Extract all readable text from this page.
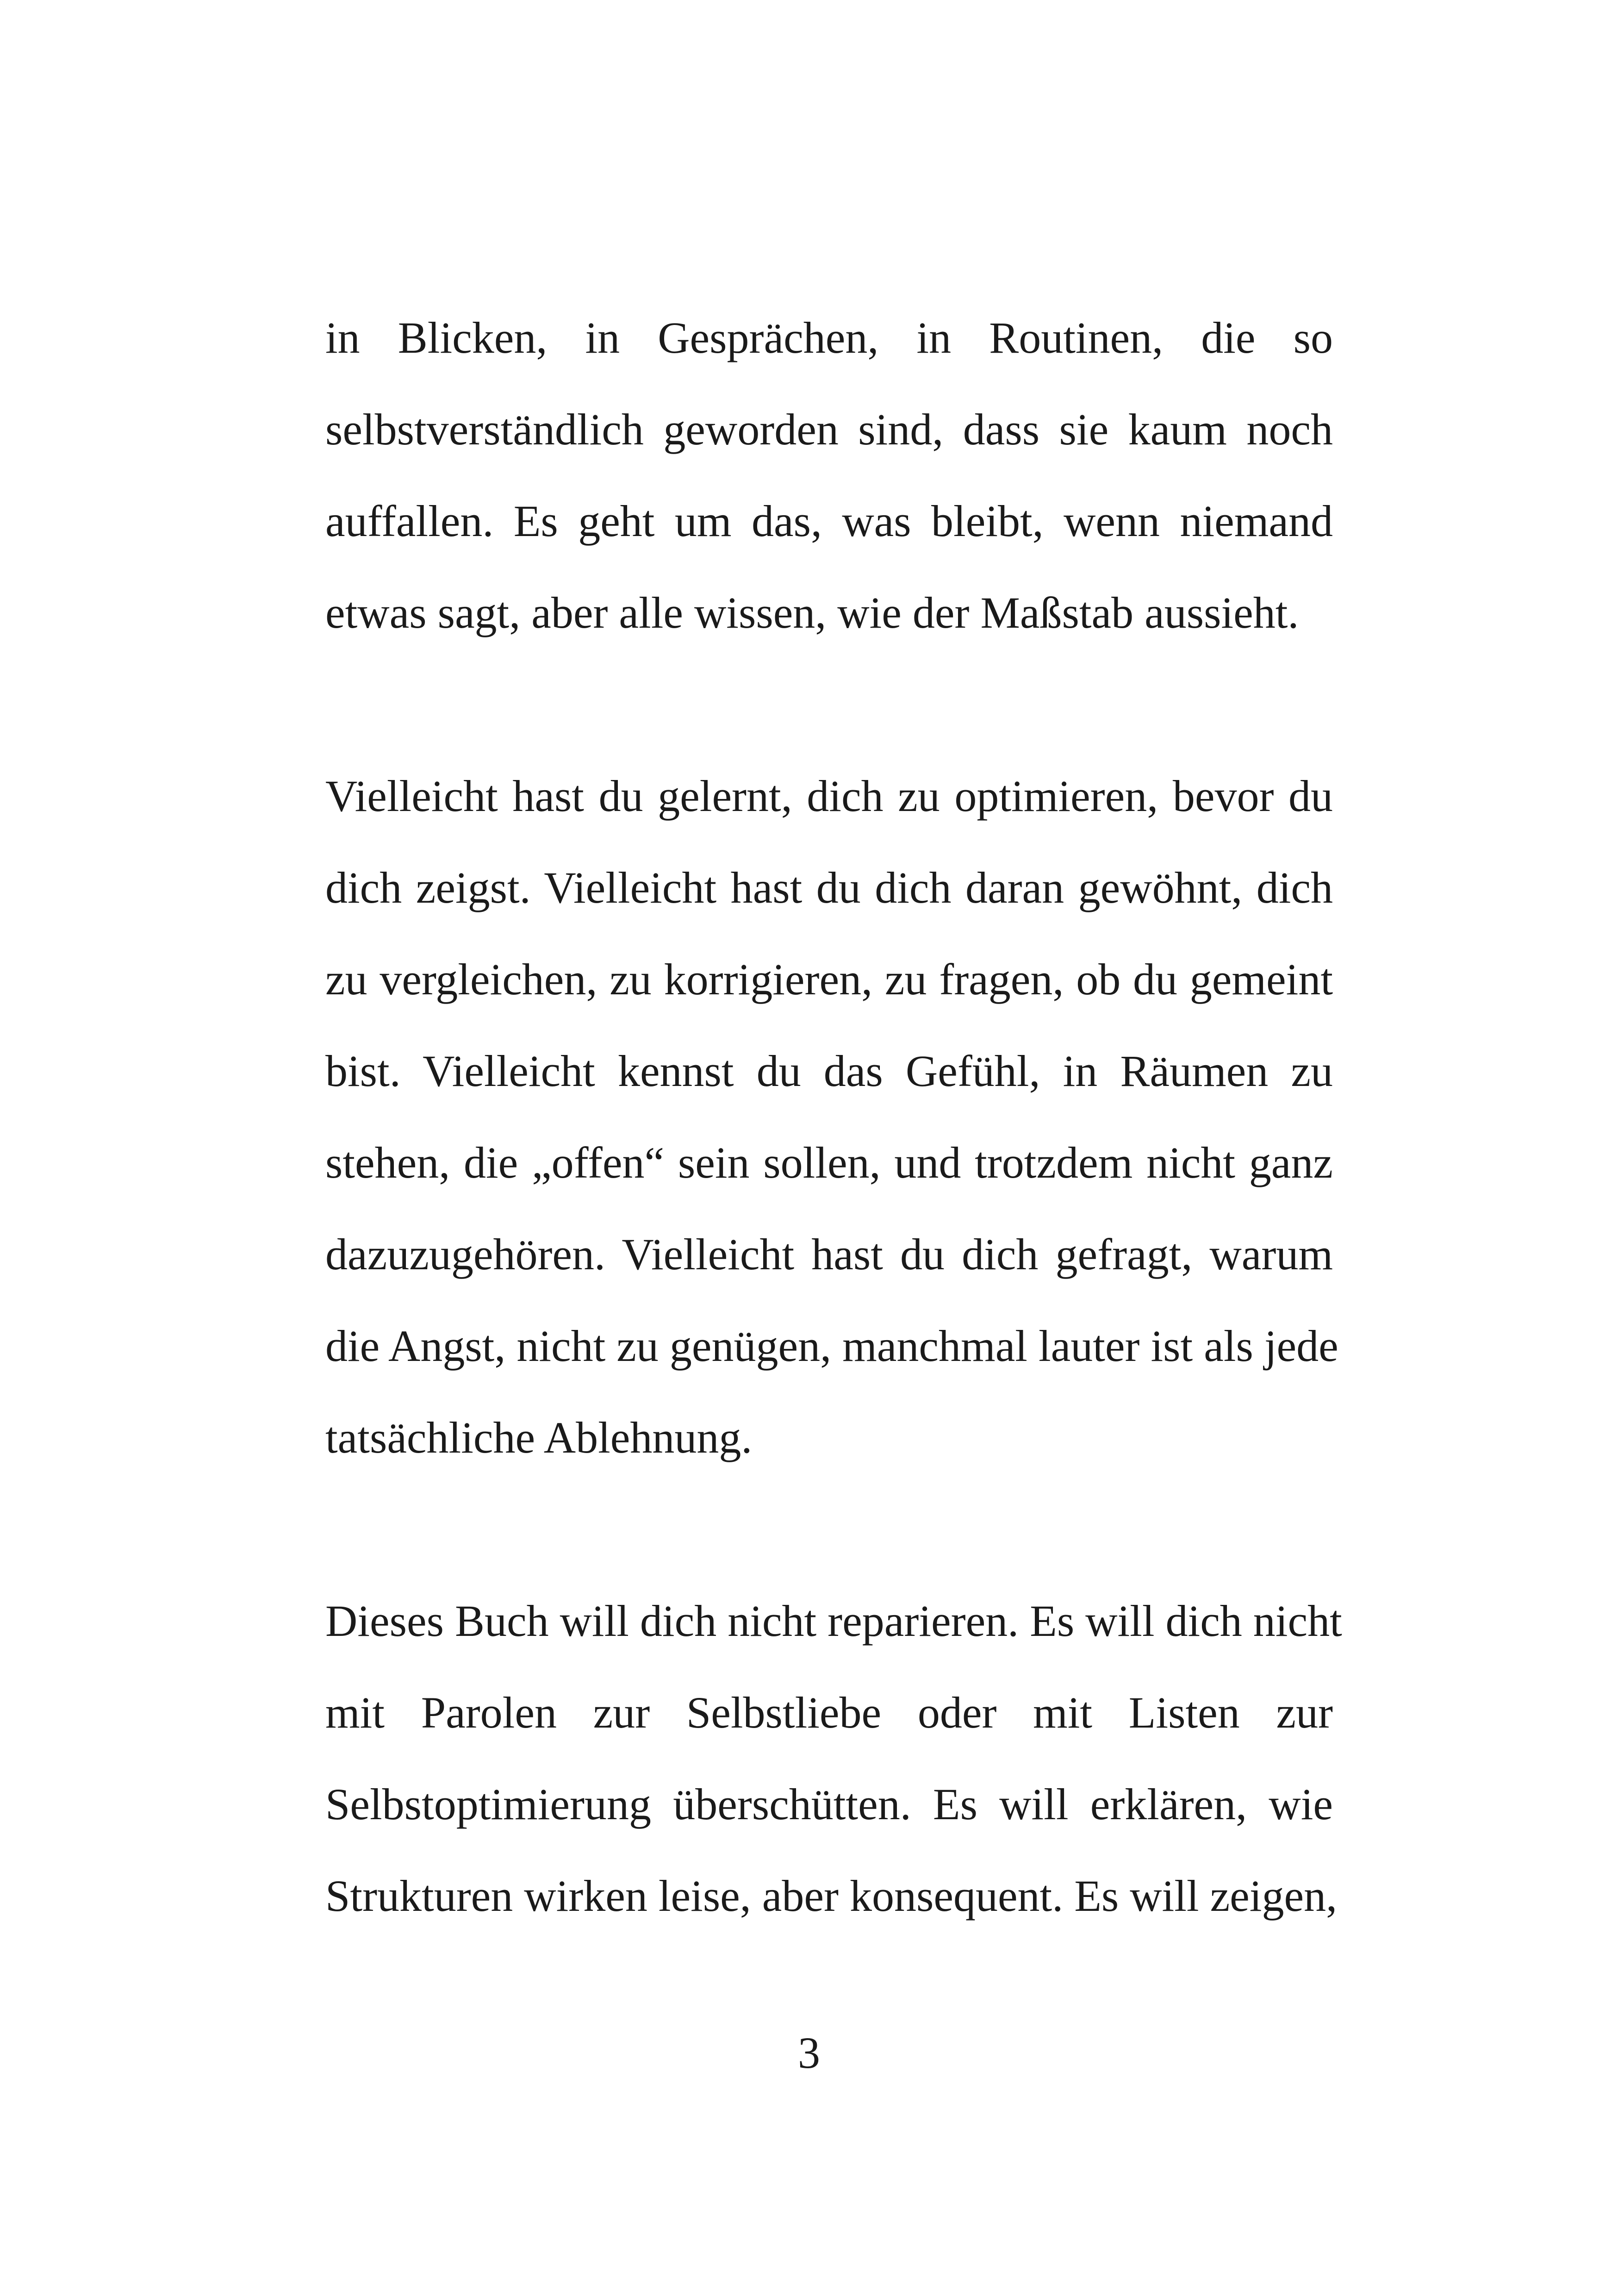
in Blicken, in Gesprächen, in Routinen, die so
selbstverständlich geworden sind, dass sie kaum noch
auffallen. Es geht um das, was bleibt, wenn niemand
etwas sagt, aber alle wissen, wie der Maßstab aussieht.
Vielleicht hast du gelernt, dich zu optimieren, bevor du
dich zeigst. Vielleicht hast du dich daran gewöhnt, dich
zu vergleichen, zu korrigieren, zu fragen, ob du gemeint
bist. Vielleicht kennst du das Gefühl, in Räumen zu
stehen, die „offen“ sein sollen, und trotzdem nicht ganz
dazuzugehören. Vielleicht hast du dich gefragt, warum
die Angst, nicht zu genügen, manchmal lauter ist als jede
tatsächliche Ablehnung.
Dieses Buch will dich nicht reparieren. Es will dich nicht
mit Parolen zur Selbstliebe oder mit Listen zur
Selbstoptimierung überschütten. Es will erklären, wie
Strukturen wirken leise, aber konsequent. Es will zeigen,
3
